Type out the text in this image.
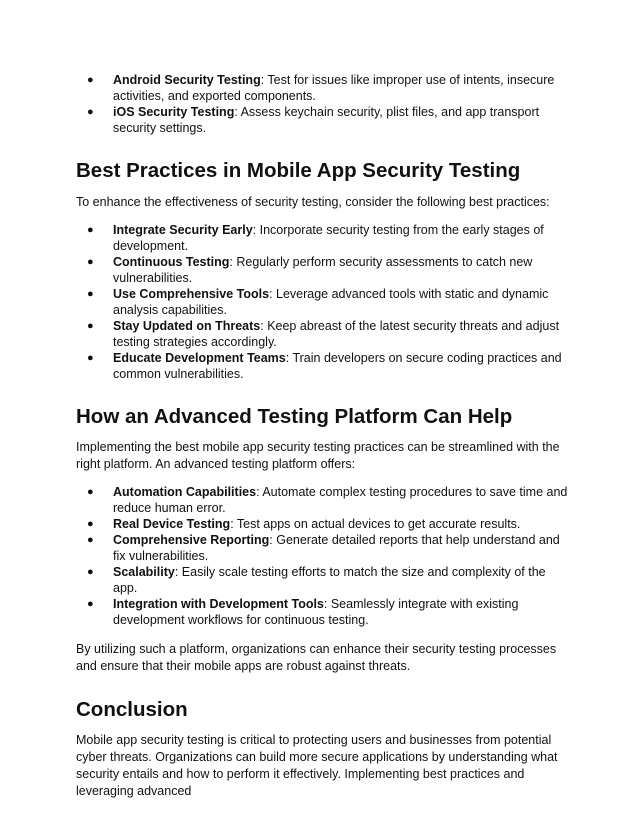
● Android Security Testing: Test for issues like improper use of intents, insecure activities, and exported components.
● iOS Security Testing: Assess keychain security, plist files, and app transport security settings.
Best Practices in Mobile App Security Testing

To enhance the effectiveness of security testing, consider the following best practices:

● Integrate Security Early: Incorporate security testing from the early stages of development.
● Continuous Testing: Regularly perform security assessments to catch new vulnerabilities.
● Use Comprehensive Tools: Leverage advanced tools with static and dynamic analysis capabilities.
● Stay Updated on Threats: Keep abreast of the latest security threats and adjust testing strategies accordingly.
● Educate Development Teams: Train developers on secure coding practices and common vulnerabilities.
How an Advanced Testing Platform Can Help

Implementing the best mobile app security testing practices can be streamlined with the right platform. An advanced testing platform offers:

● Automation Capabilities: Automate complex testing procedures to save time and reduce human error.
● Real Device Testing: Test apps on actual devices to get accurate results.
● Comprehensive Reporting: Generate detailed reports that help understand and fix vulnerabilities.
● Scalability: Easily scale testing efforts to match the size and complexity of the app.
● Integration with Development Tools: Seamlessly integrate with existing development workflows for continuous testing.

By utilizing such a platform, organizations can enhance their security testing processes and ensure that their mobile apps are robust against threats.

Conclusion

Mobile app security testing is critical to protecting users and businesses from potential cyber threats. Organizations can build more secure applications by understanding what security entails and how to perform it effectively. Implementing best practices and leveraging advanced
